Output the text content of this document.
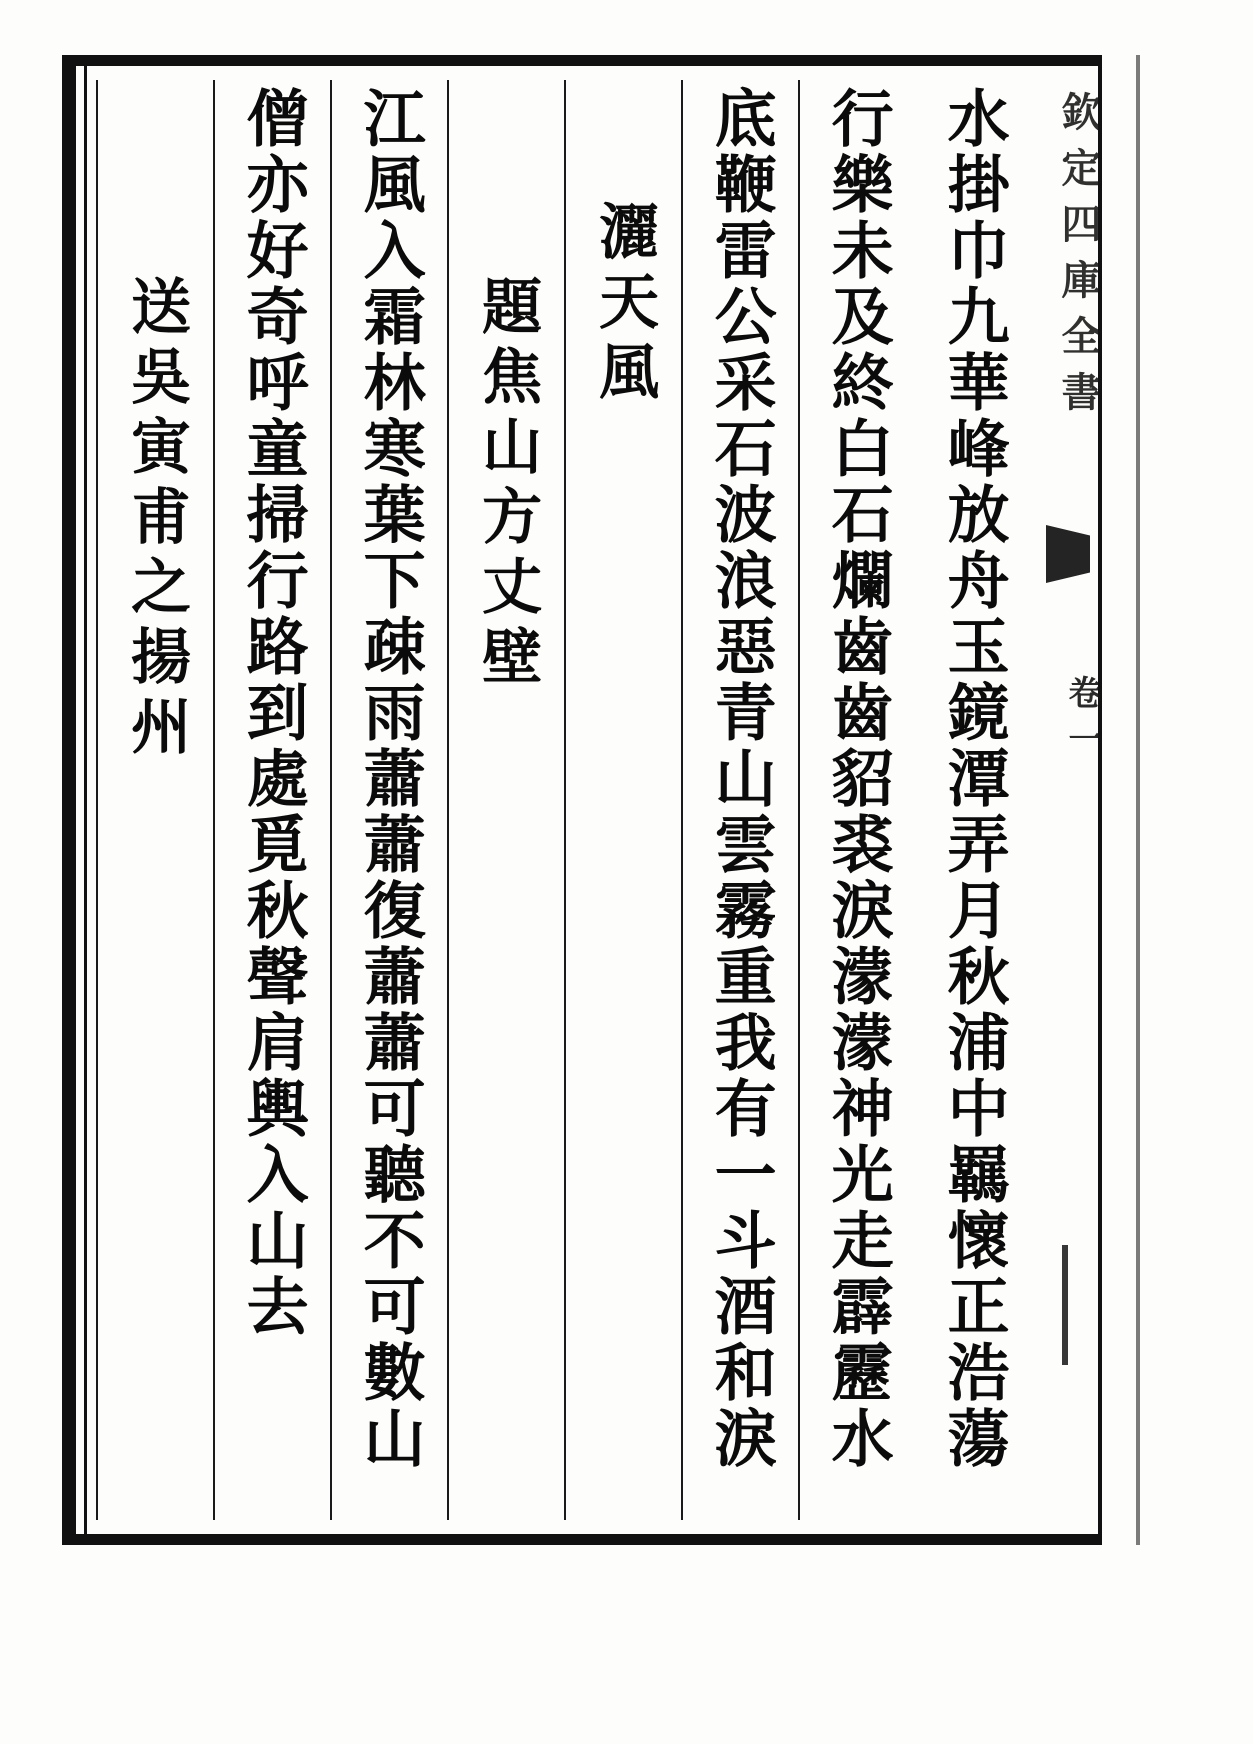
水掛巾九華峰放舟玉鏡潭弄月秋浦中羈懷正浩蕩
行樂未及終白石爛齒齒貂裘淚濛濛神光走霹靂水
底鞭雷公采石波浪惡青山雲霧重我有一斗酒和淚
灑天風
題焦山方丈壁
江風入霜林寒葉下疎雨蕭蕭復蕭蕭可聽不可數山
僧亦好奇呼童掃行路到處覓秋聲肩輿入山去
送吳寅甫之揚州
欽定四庫全書
卷一
